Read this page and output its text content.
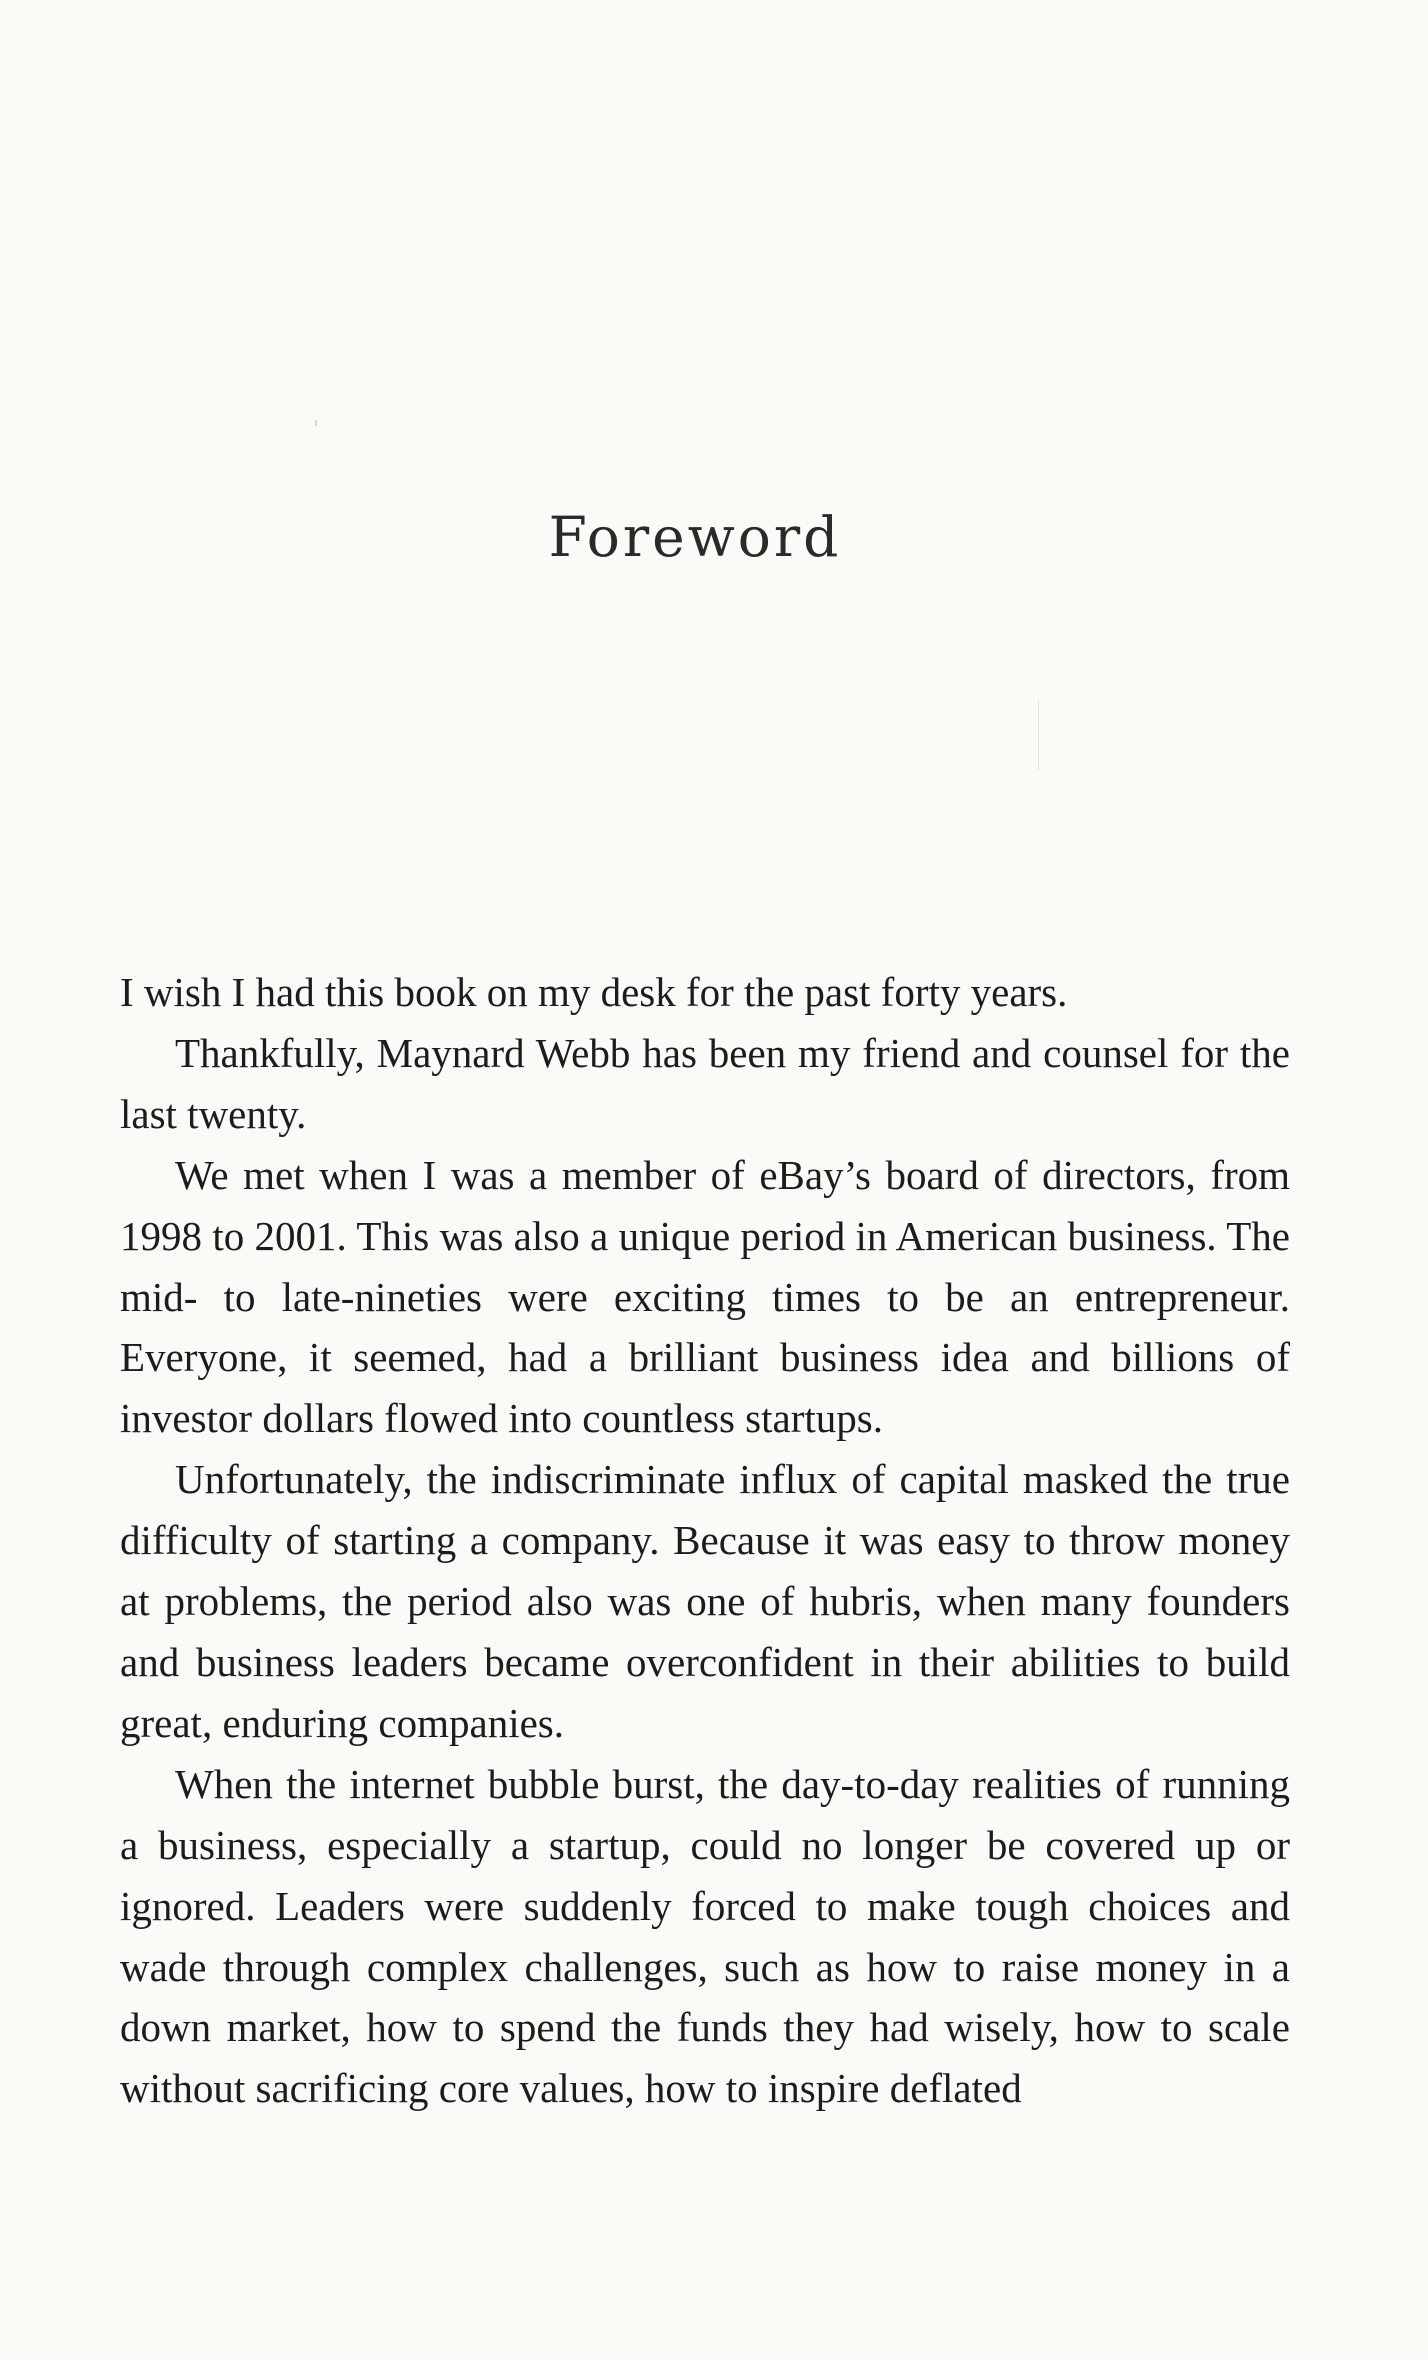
Foreword

I wish I had this book on my desk for the past forty years.

Thankfully, Maynard Webb has been my friend and counsel for the last twenty.

We met when I was a member of eBay’s board of directors, from 1998 to 2001. This was also a unique period in American business. The mid- to late-nineties were exciting times to be an entrepreneur. Everyone, it seemed, had a brilliant business idea and billions of investor dollars flowed into countless startups.

Unfortunately, the indiscriminate influx of capital masked the true difficulty of starting a company. Because it was easy to throw money at problems, the period also was one of hubris, when many founders and business leaders became overconfident in their abilities to build great, enduring companies.

When the internet bubble burst, the day-to-day realities of running a business, especially a startup, could no longer be covered up or ignored. Leaders were suddenly forced to make tough choices and wade through complex challenges, such as how to raise money in a down market, how to spend the funds they had wisely, how to scale without sacrificing core values, how to inspire deflated
